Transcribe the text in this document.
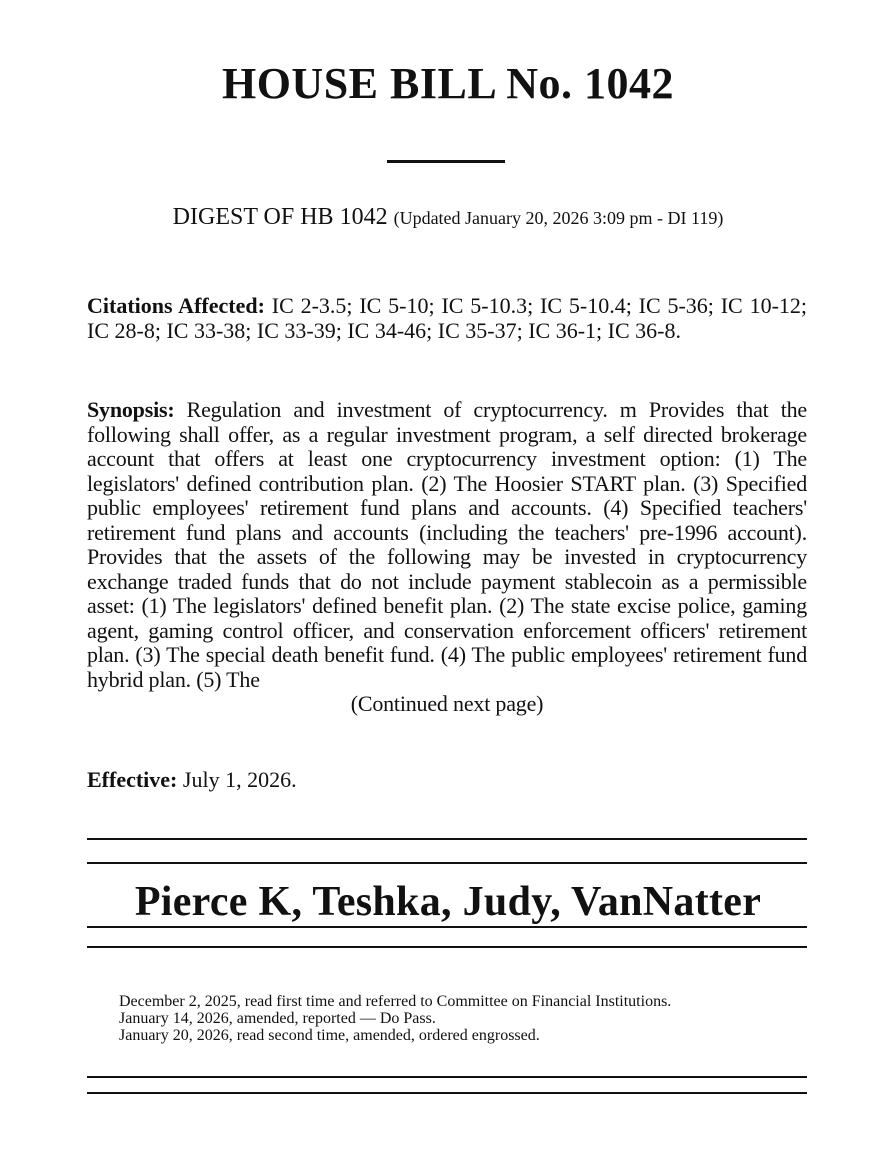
HOUSE BILL No. 1042
DIGEST OF HB 1042 (Updated January 20, 2026 3:09 pm - DI 119)
Citations Affected: IC 2-3.5; IC 5-10; IC 5-10.3; IC 5-10.4; IC 5-36; IC 10-12; IC 28-8; IC 33-38; IC 33-39; IC 34-46; IC 35-37; IC 36-1; IC 36-8.
Synopsis: Regulation and investment of cryptocurrency. m Provides that the following shall offer, as a regular investment program, a self directed brokerage account that offers at least one cryptocurrency investment option: (1) The legislators' defined contribution plan. (2) The Hoosier START plan. (3) Specified public employees' retirement fund plans and accounts. (4) Specified teachers' retirement fund plans and accounts (including the teachers' pre-1996 account). Provides that the assets of the following may be invested in cryptocurrency exchange traded funds that do not include payment stablecoin as a permissible asset: (1) The legislators' defined benefit plan. (2) The state excise police, gaming agent, gaming control officer, and conservation enforcement officers' retirement plan. (3) The special death benefit fund. (4) The public employees' retirement fund hybrid plan. (5) The
(Continued next page)
Effective: July 1, 2026.
Pierce K, Teshka, Judy, VanNatter
December 2, 2025, read first time and referred to Committee on Financial Institutions.
January 14, 2026, amended, reported — Do Pass.
January 20, 2026, read second time, amended, ordered engrossed.
